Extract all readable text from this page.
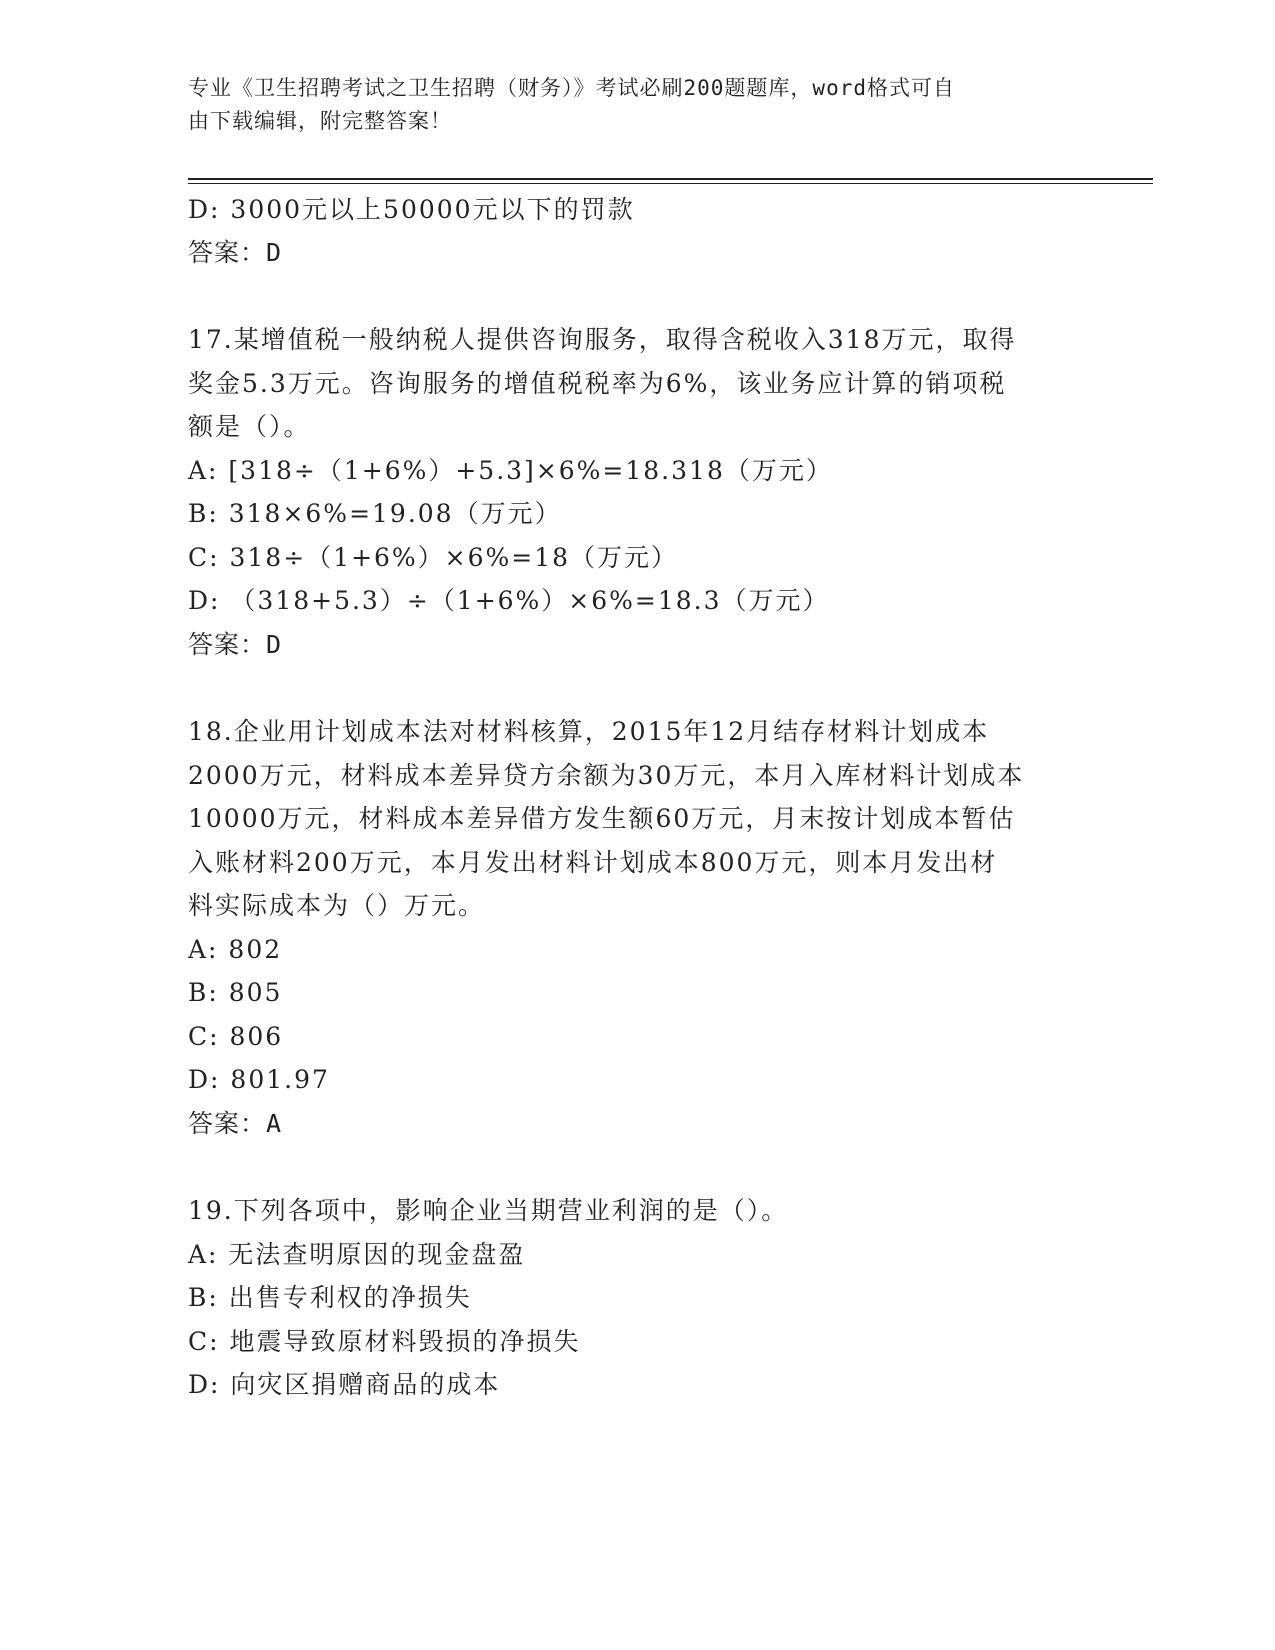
专业《卫生招聘考试之卫生招聘（财务）》考试必刷200题题库，word格式可自
由下载编辑，附完整答案！
D: 3000元以上50000元以下的罚款
答案：D
17.某增值税一般纳税人提供咨询服务，取得含税收入318万元，取得
奖金5.3万元。咨询服务的增值税税率为6%，该业务应计算的销项税
额是（）。
A: [318÷（1+6%）+5.3]×6%=18.318（万元）
B: 318×6%=19.08（万元）
C: 318÷（1+6%）×6%=18（万元）
D: （318+5.3）÷（1+6%）×6%=18.3（万元）
答案：D
18.企业用计划成本法对材料核算，2015年12月结存材料计划成本
2000万元，材料成本差异贷方余额为30万元，本月入库材料计划成本
10000万元，材料成本差异借方发生额60万元，月末按计划成本暂估
入账材料200万元，本月发出材料计划成本800万元，则本月发出材
料实际成本为（）万元。
A: 802
B: 805
C: 806
D: 801.97
答案：A
19.下列各项中，影响企业当期营业利润的是（）。
A: 无法查明原因的现金盘盈
B: 出售专利权的净损失
C: 地震导致原材料毁损的净损失
D: 向灾区捐赠商品的成本
